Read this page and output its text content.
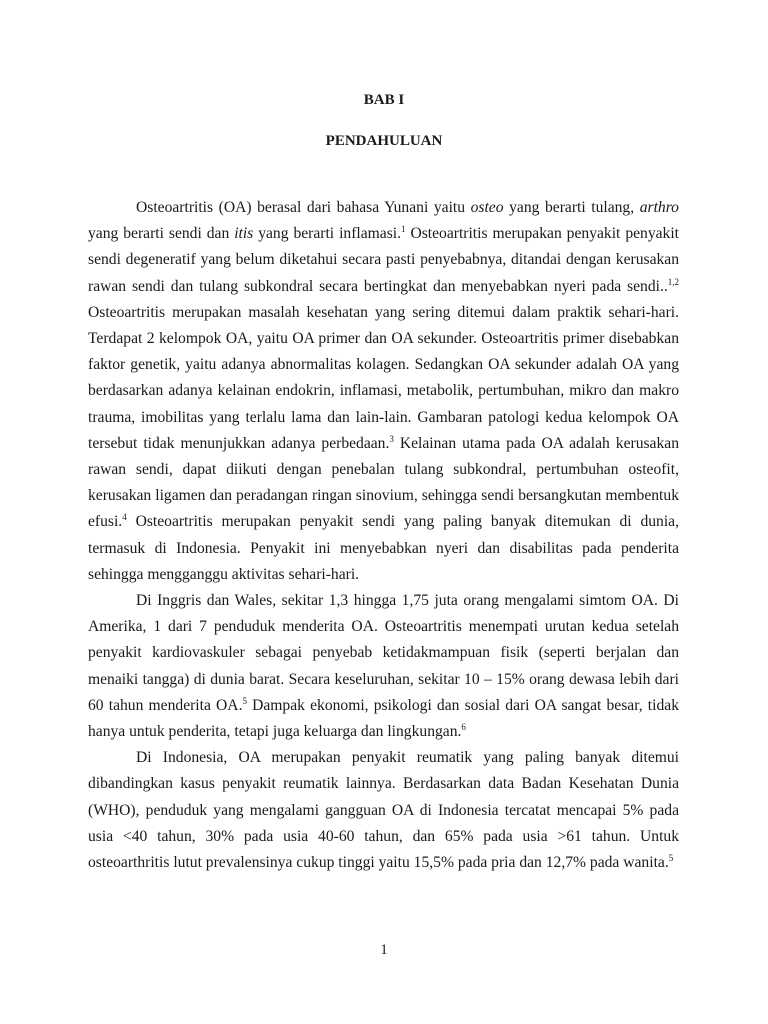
BAB I
PENDAHULUAN

Osteoartritis (OA) berasal dari bahasa Yunani yaitu osteo yang berarti tulang, arthro yang berarti sendi dan itis yang berarti inflamasi.$^1$ Osteoartritis merupakan penyakit penyakit sendi degeneratif yang belum diketahui secara pasti penyebabnya, ditandai dengan kerusakan rawan sendi dan tulang subkondral secara bertingkat dan menyebabkan nyeri pada sendi..$^{1,2}$ Osteoartritis merupakan masalah kesehatan yang sering ditemui dalam praktik sehari-hari. Terdapat 2 kelompok OA, yaitu OA primer dan OA sekunder. Osteoartritis primer disebabkan faktor genetik, yaitu adanya abnormalitas kolagen. Sedangkan OA sekunder adalah OA yang berdasarkan adanya kelainan endokrin, inflamasi, metabolik, pertumbuhan, mikro dan makro trauma, imobilitas yang terlalu lama dan lain-lain. Gambaran patologi kedua kelompok OA tersebut tidak menunjukkan adanya perbedaan.$^3$ Kelainan utama pada OA adalah kerusakan rawan sendi, dapat diikuti dengan penebalan tulang subkondral, pertumbuhan osteofit, kerusakan ligamen dan peradangan ringan sinovium, sehingga sendi bersangkutan membentuk efusi.$^4$ Osteoartritis merupakan penyakit sendi yang paling banyak ditemukan di dunia, termasuk di Indonesia. Penyakit ini menyebabkan nyeri dan disabilitas pada penderita sehingga mengganggu aktivitas sehari-hari.

Di Inggris dan Wales, sekitar 1,3 hingga 1,75 juta orang mengalami simtom OA. Di Amerika, 1 dari 7 penduduk menderita OA. Osteoartritis menempati urutan kedua setelah penyakit kardiovaskuler sebagai penyebab ketidakmampuan fisik (seperti berjalan dan menaiki tangga) di dunia barat. Secara keseluruhan, sekitar 10 – 15% orang dewasa lebih dari 60 tahun menderita OA.$^5$ Dampak ekonomi, psikologi dan sosial dari OA sangat besar, tidak hanya untuk penderita, tetapi juga keluarga dan lingkungan.$^6$

Di Indonesia, OA merupakan penyakit reumatik yang paling banyak ditemui dibandingkan kasus penyakit reumatik lainnya. Berdasarkan data Badan Kesehatan Dunia (WHO), penduduk yang mengalami gangguan OA di Indonesia tercatat mencapai 5% pada usia <40 tahun, 30% pada usia 40-60 tahun, dan 65% pada usia >61 tahun. Untuk osteoarthritis lutut prevalensinya cukup tinggi yaitu 15,5% pada pria dan 12,7% pada wanita.$^5$

1
